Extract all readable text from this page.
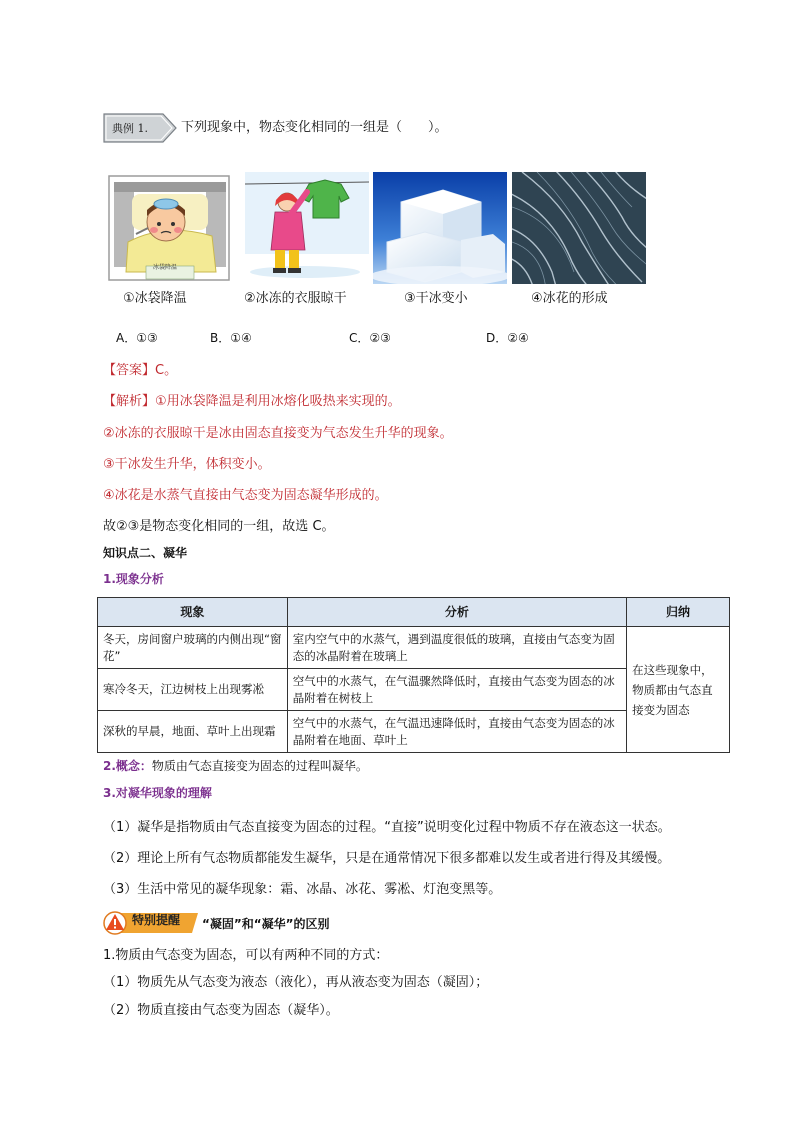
典例 1.	下列现象中，物态变化相同的一组是（　　）。
冰袋降温
①冰袋降温	②冰冻的衣服晾干	③干冰变小	④冰花的形成
A．①③	B．①④	C．②③	D．②④
【答案】C。
【解析】①用冰袋降温是利用冰熔化吸热来实现的。
②冰冻的衣服晾干是冰由固态直接变为气态发生升华的现象。
③干冰发生升华，体积变小。
④冰花是水蒸气直接由气态变为固态凝华形成的。
故②③是物态变化相同的一组，故选 C。
知识点二、凝华
1.现象分析
现象	分析	归纳
冬天，房间窗户玻璃的内侧出现“窗花”	室内空气中的水蒸气，遇到温度很低的玻璃，直接由气态变为固态的冰晶附着在玻璃上	在这些现象中，物质都由气态直接变为固态
寒冷冬天，江边树枝上出现雾凇	空气中的水蒸气，在气温骤然降低时，直接由气态变为固态的冰晶附着在树枝上	
深秋的早晨，地面、草叶上出现霜	空气中的水蒸气，在气温迅速降低时，直接由气态变为固态的冰晶附着在地面、草叶上	
2.概念：物质由气态直接变为固态的过程叫凝华。
3.对凝华现象的理解
（1）凝华是指物质由气态直接变为固态的过程。“直接”说明变化过程中物质不存在液态这一状态。
（2）理论上所有气态物质都能发生凝华，只是在通常情况下很多都难以发生或者进行得及其缓慢。
（3）生活中常见的凝华现象：霜、冰晶、冰花、雾凇、灯泡变黑等。
特别提醒 “凝固”和“凝华”的区别
1.物质由气态变为固态，可以有两种不同的方式：
（1）物质先从气态变为液态（液化），再从液态变为固态（凝固）；
（2）物质直接由气态变为固态（凝华）。
